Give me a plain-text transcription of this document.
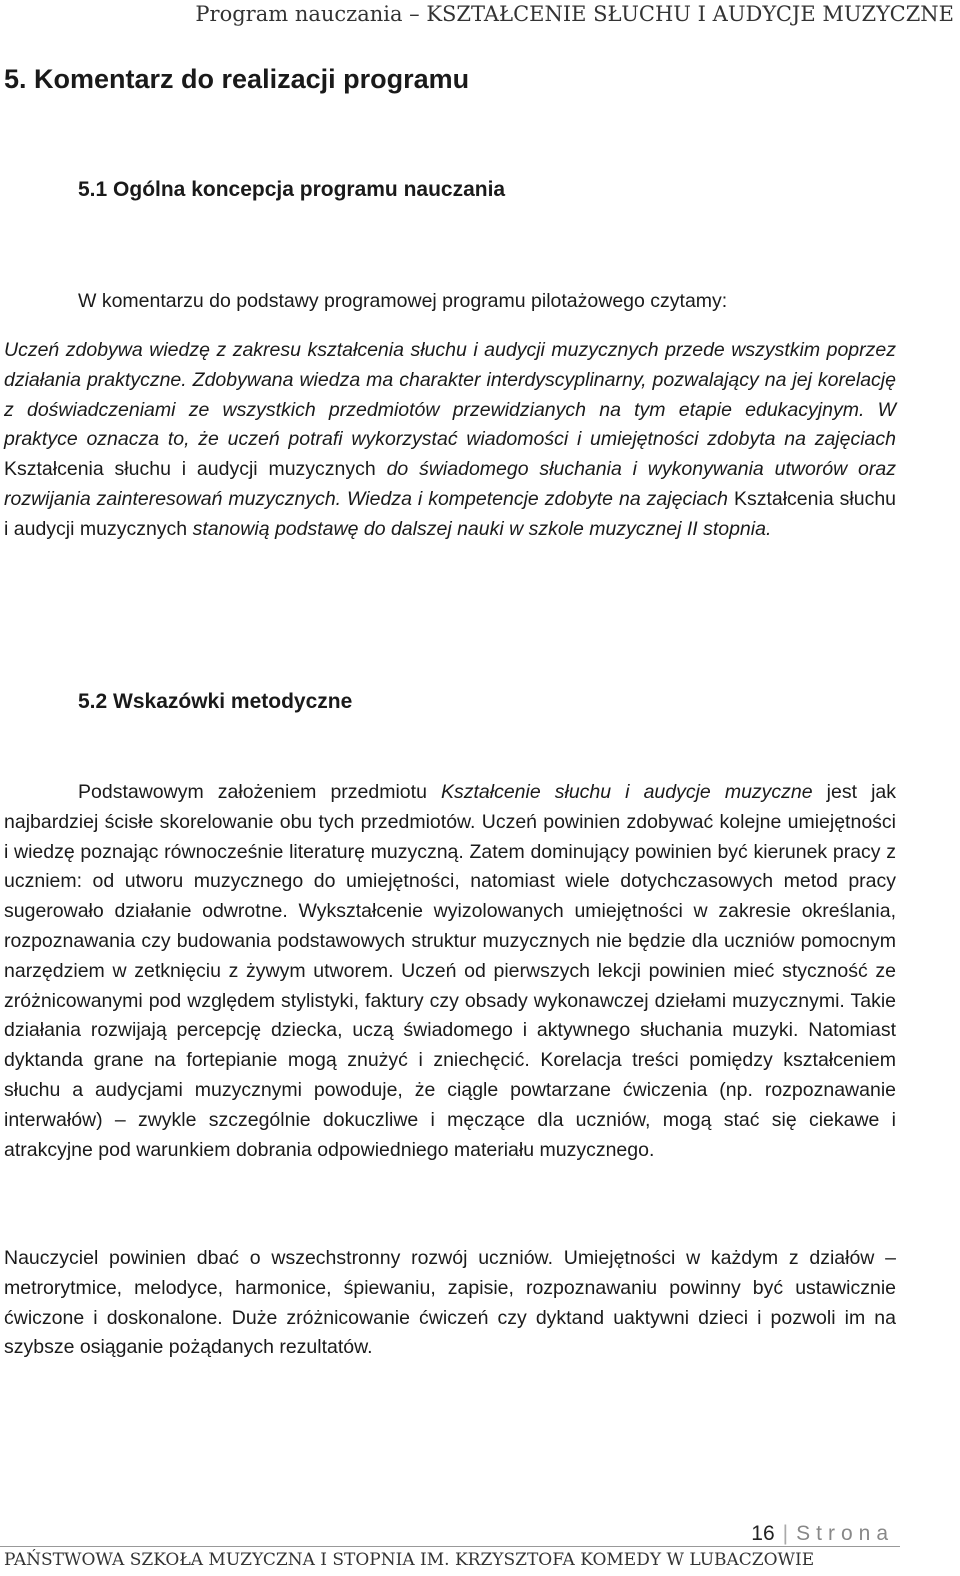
Program nauczania – KSZTAŁCENIE SŁUCHU I AUDYCJE MUZYCZNE
5. Komentarz do realizacji programu
5.1 Ogólna koncepcja programu nauczania

W komentarzu do podstawy programowej programu pilotażowego czytamy:

Uczeń zdobywa wiedzę z zakresu kształcenia słuchu i audycji muzycznych przede wszystkim poprzez działania praktyczne. Zdobywana wiedza ma charakter interdyscyplinarny, pozwalający na jej korelację z doświadczeniami ze wszystkich przedmiotów przewidzianych na tym etapie edukacyjnym. W praktyce oznacza to, że uczeń potrafi wykorzystać wiadomości i umiejętności zdobyta na zajęciach Kształcenia słuchu i audycji muzycznych do świadomego słuchania i wykonywania utworów oraz rozwijania zainteresowań muzycznych. Wiedza i kompetencje zdobyte na zajęciach Kształcenia słuchu i audycji muzycznych stanowią podstawę do dalszej nauki w szkole muzycznej II stopnia.

5.2 Wskazówki metodyczne

Podstawowym założeniem przedmiotu Kształcenie słuchu i audycje muzyczne jest jak najbardziej ścisłe skorelowanie obu tych przedmiotów. Uczeń powinien zdobywać kolejne umiejętności i wiedzę poznając równocześnie literaturę muzyczną. Zatem dominujący powinien być kierunek pracy z uczniem: od utworu muzycznego do umiejętności, natomiast wiele dotychczasowych metod pracy sugerowało działanie odwrotne. Wykształcenie wyizolowanych umiejętności w zakresie określania, rozpoznawania czy budowania podstawowych struktur muzycznych nie będzie dla uczniów pomocnym narzędziem w zetknięciu z żywym utworem. Uczeń od pierwszych lekcji powinien mieć styczność ze zróżnicowanymi pod względem stylistyki, faktury czy obsady wykonawczej dziełami muzycznymi. Takie działania rozwijają percepcję dziecka, uczą świadomego i aktywnego słuchania muzyki. Natomiast dyktanda grane na fortepianie mogą znużyć i zniechęcić. Korelacja treści pomiędzy kształceniem słuchu a audycjami muzycznymi powoduje, że ciągle powtarzane ćwiczenia (np. rozpoznawanie interwałów) – zwykle szczególnie dokuczliwe i męczące dla uczniów, mogą stać się ciekawe i atrakcyjne pod warunkiem dobrania odpowiedniego materiału muzycznego.

Nauczyciel powinien dbać o wszechstronny rozwój uczniów. Umiejętności w każdym z działów – metrorytmice, melodyce, harmonice, śpiewaniu, zapisie, rozpoznawaniu powinny być ustawicznie ćwiczone i doskonalone. Duże zróżnicowanie ćwiczeń czy dyktand uaktywni dzieci i pozwoli im na szybsze osiąganie pożądanych rezultatów.

16 | Strona
PAŃSTWOWA SZKOŁA MUZYCZNA I STOPNIA IM. KRZYSZTOFA KOMEDY W LUBACZOWIE
